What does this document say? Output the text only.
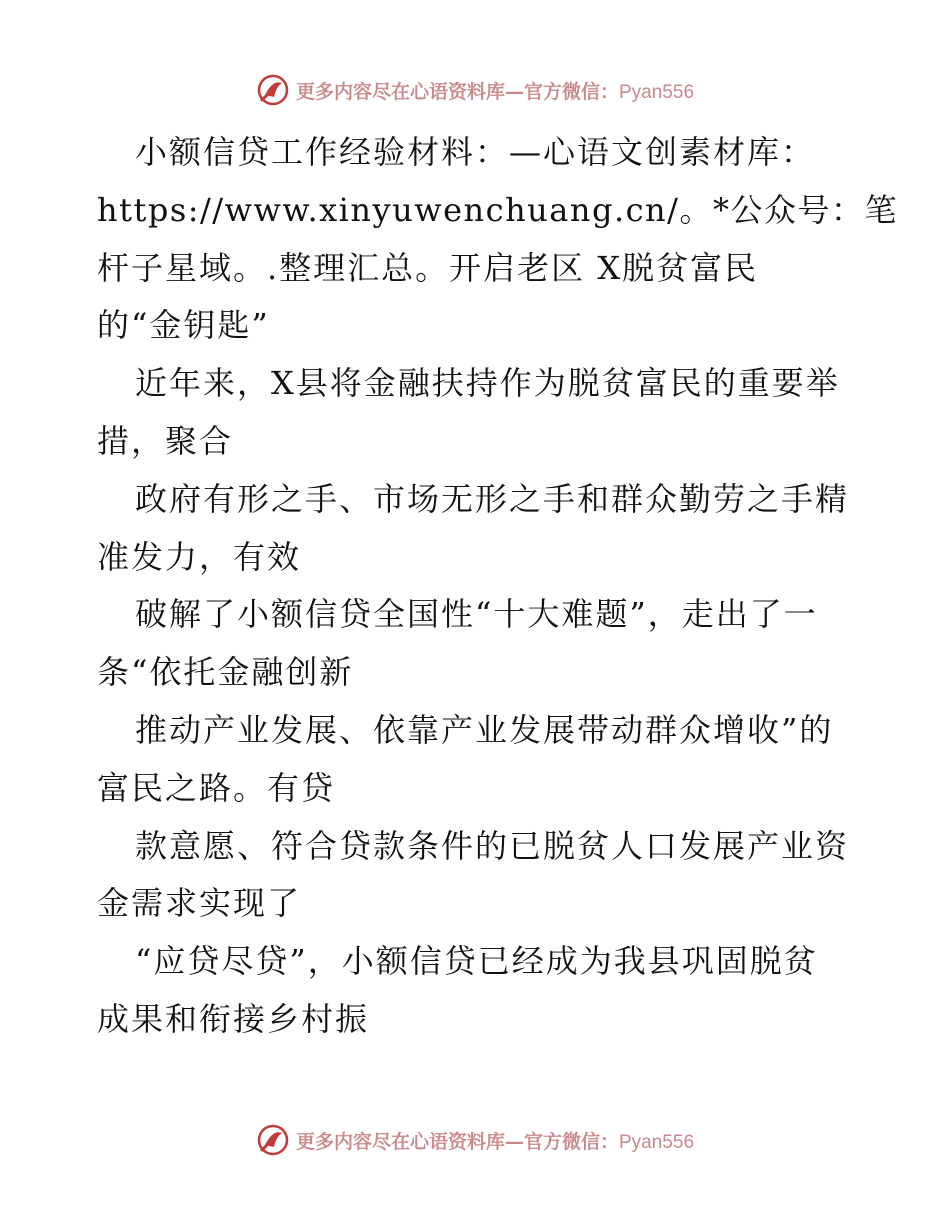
更多内容尽在心语资料库—官方微信：Pyan556
小额信贷工作经验材料：—心语文创素材库：
https://www.xinyuwenchuang.cn/。*公众号：笔
杆子星域。.整理汇总。开启老区 X脱贫富民
的“金钥匙”
近年来，X县将金融扶持作为脱贫富民的重要举
措，聚合
政府有形之手、市场无形之手和群众勤劳之手精
准发力，有效
破解了小额信贷全国性“十大难题”，走出了一
条“依托金融创新
推动产业发展、依靠产业发展带动群众增收”的
富民之路。有贷
款意愿、符合贷款条件的已脱贫人口发展产业资
金需求实现了
“应贷尽贷”，小额信贷已经成为我县巩固脱贫
成果和衔接乡村振
更多内容尽在心语资料库—官方微信：Pyan556
